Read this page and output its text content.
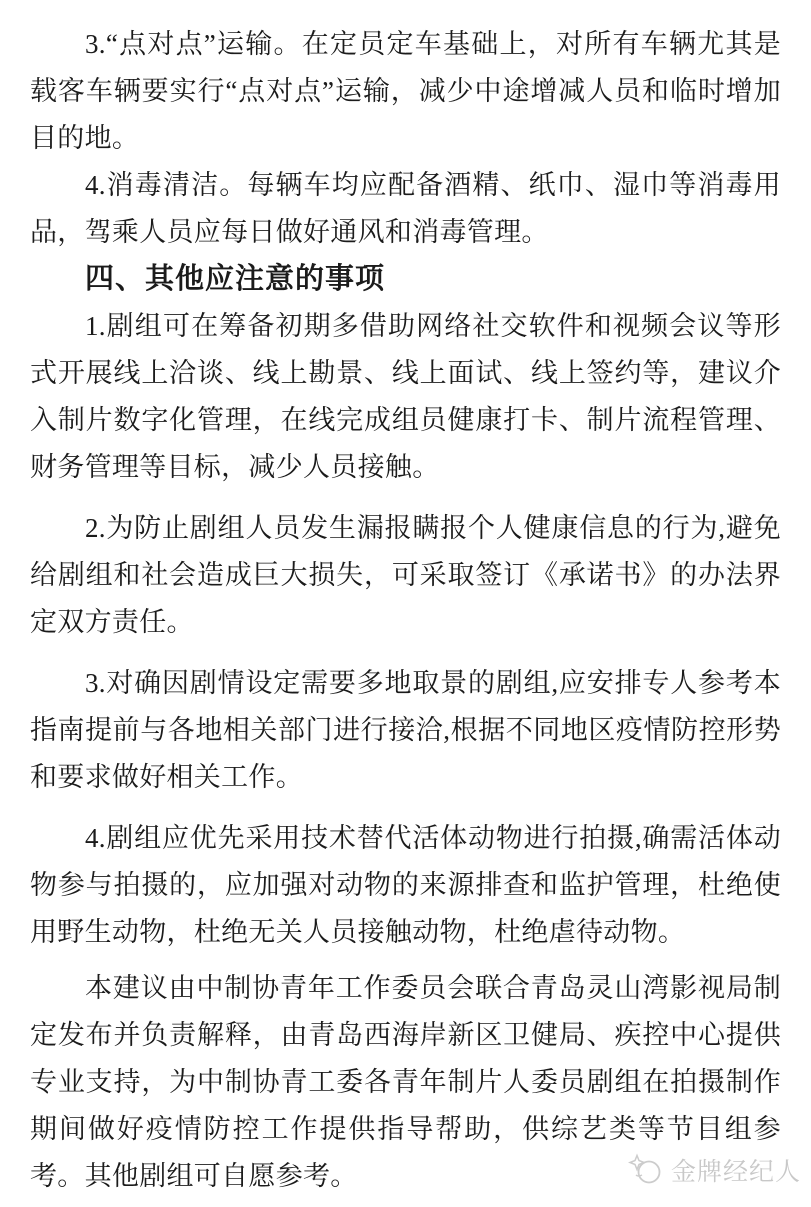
3.“点对点”运输。在定员定车基础上，对所有车辆尤其是载客车辆要实行“点对点”运输，减少中途增减人员和临时增加目的地。

4.消毒清洁。每辆车均应配备酒精、纸巾、湿巾等消毒用品，驾乘人员应每日做好通风和消毒管理。

四、其他应注意的事项

1.剧组可在筹备初期多借助网络社交软件和视频会议等形式开展线上洽谈、线上勘景、线上面试、线上签约等，建议介入制片数字化管理，在线完成组员健康打卡、制片流程管理、财务管理等目标，减少人员接触。

2.为防止剧组人员发生漏报瞒报个人健康信息的行为,避免给剧组和社会造成巨大损失，可采取签订《承诺书》的办法界定双方责任。

3.对确因剧情设定需要多地取景的剧组,应安排专人参考本指南提前与各地相关部门进行接洽,根据不同地区疫情防控形势和要求做好相关工作。

4.剧组应优先采用技术替代活体动物进行拍摄,确需活体动物参与拍摄的，应加强对动物的来源排查和监护管理，杜绝使用野生动物，杜绝无关人员接触动物，杜绝虐待动物。

本建议由中制协青年工作委员会联合青岛灵山湾影视局制定发布并负责解释，由青岛西海岸新区卫健局、疾控中心提供专业支持，为中制协青工委各青年制片人委员剧组在拍摄制作期间做好疫情防控工作提供指导帮助，供综艺类等节目组参考。其他剧组可自愿参考。	金牌经纪人
